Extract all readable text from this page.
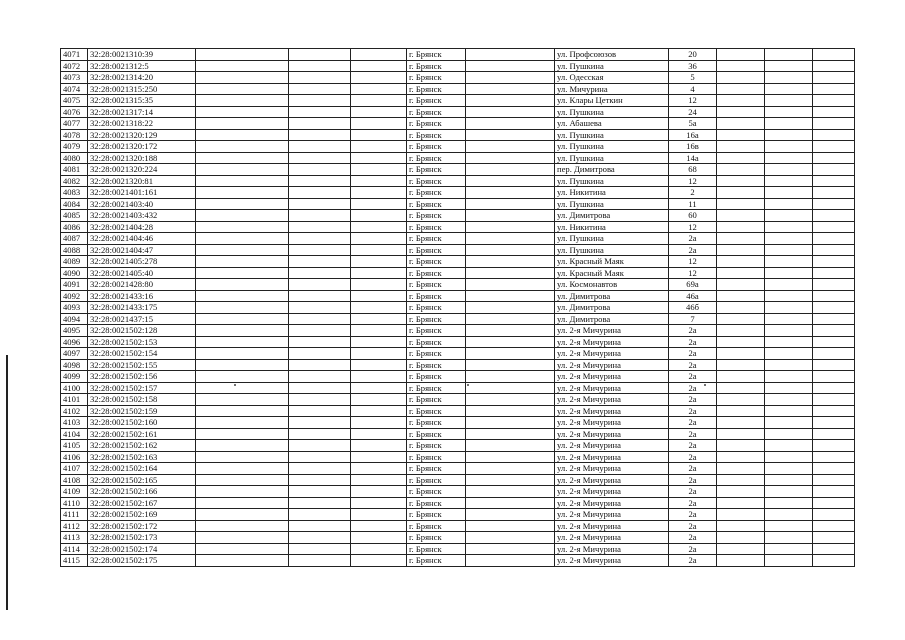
4071	32:28:0021310:39				г. Брянск		ул. Профсоюзов	20			
4072	32:28:0021312:5				г. Брянск		ул. Пушкина	36			
4073	32:28:0021314:20				г. Брянск		ул. Одесская	5			
4074	32:28:0021315:250				г. Брянск		ул. Мичурина	4			
4075	32:28:0021315:35				г. Брянск		ул. Клары Цеткин	12			
4076	32:28:0021317:14				г. Брянск		ул. Пушкина	24			
4077	32:28:0021318:22				г. Брянск		ул. Абашева	5а			
4078	32:28:0021320:129				г. Брянск		ул. Пушкина	16а			
4079	32:28:0021320:172				г. Брянск		ул. Пушкина	16в			
4080	32:28:0021320:188				г. Брянск		ул. Пушкина	14а			
4081	32:28:0021320:224				г. Брянск		пер. Димитрова	68			
4082	32:28:0021320:81				г. Брянск		ул. Пушкина	12			
4083	32:28:0021401:161				г. Брянск		ул. Никитина	2			
4084	32:28:0021403:40				г. Брянск		ул. Пушкина	11			
4085	32:28:0021403:432				г. Брянск		ул. Димитрова	60			
4086	32:28:0021404:28				г. Брянск		ул. Никитина	12			
4087	32:28:0021404:46				г. Брянск		ул. Пушкина	2а			
4088	32:28:0021404:47				г. Брянск		ул. Пушкина	2а			
4089	32:28:0021405:278				г. Брянск		ул. Красный Маяк	12			
4090	32:28:0021405:40				г. Брянск		ул. Красный Маяк	12			
4091	32:28:0021428:80				г. Брянск		ул. Космонавтов	69а			
4092	32:28:0021433:16				г. Брянск		ул. Димитрова	46а			
4093	32:28:0021433:175				г. Брянск		ул. Димитрова	46б			
4094	32:28:0021437:15				г. Брянск		ул. Димитрова	7			
4095	32:28:0021502:128				г. Брянск		ул. 2-я Мичурина	2а			
4096	32:28:0021502:153				г. Брянск		ул. 2-я Мичурина	2а			
4097	32:28:0021502:154				г. Брянск		ул. 2-я Мичурина	2а			
4098	32:28:0021502:155				г. Брянск		ул. 2-я Мичурина	2а			
4099	32:28:0021502:156				г. Брянск		ул. 2-я Мичурина	2а			
4100	32:28:0021502:157				г. Брянск		ул. 2-я Мичурина	2а			
4101	32:28:0021502:158				г. Брянск		ул. 2-я Мичурина	2а			
4102	32:28:0021502:159				г. Брянск		ул. 2-я Мичурина	2а			
4103	32:28:0021502:160				г. Брянск		ул. 2-я Мичурина	2а			
4104	32:28:0021502:161				г. Брянск		ул. 2-я Мичурина	2а			
4105	32:28:0021502:162				г. Брянск		ул. 2-я Мичурина	2а			
4106	32:28:0021502:163				г. Брянск		ул. 2-я Мичурина	2а			
4107	32:28:0021502:164				г. Брянск		ул. 2-я Мичурина	2а			
4108	32:28:0021502:165				г. Брянск		ул. 2-я Мичурина	2а			
4109	32:28:0021502:166				г. Брянск		ул. 2-я Мичурина	2а			
4110	32:28:0021502:167				г. Брянск		ул. 2-я Мичурина	2а			
4111	32:28:0021502:169				г. Брянск		ул. 2-я Мичурина	2а			
4112	32:28:0021502:172				г. Брянск		ул. 2-я Мичурина	2а			
4113	32:28:0021502:173				г. Брянск		ул. 2-я Мичурина	2а			
4114	32:28:0021502:174				г. Брянск		ул. 2-я Мичурина	2а			
4115	32:28:0021502:175				г. Брянск		ул. 2-я Мичурина	2а			
